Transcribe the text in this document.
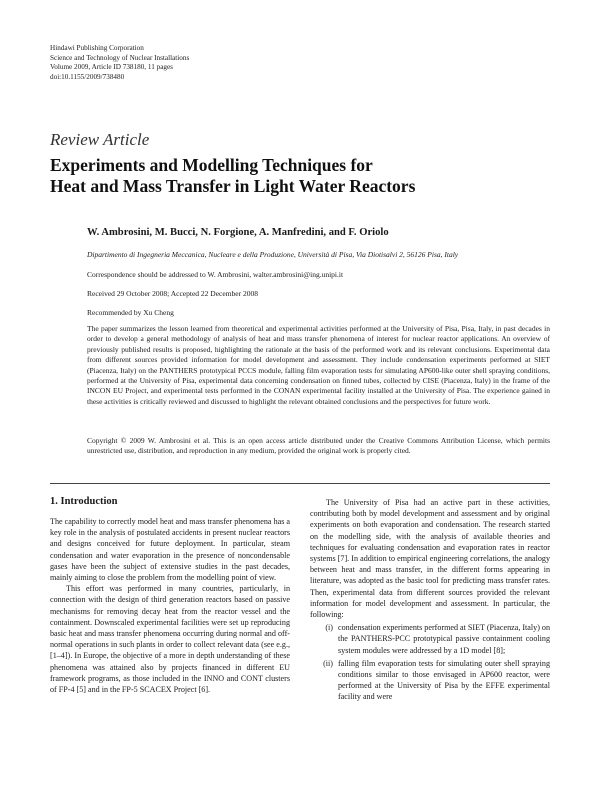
Hindawi Publishing Corporation
Science and Technology of Nuclear Installations
Volume 2009, Article ID 738180, 11 pages
doi:10.1155/2009/738480
Review Article
Experiments and Modelling Techniques for
Heat and Mass Transfer in Light Water Reactors
W. Ambrosini, M. Bucci, N. Forgione, A. Manfredini, and F. Oriolo
Dipartimento di Ingegneria Meccanica, Nucleare e della Produzione, Università di Pisa, Via Diotisalvi 2, 56126 Pisa, Italy
Correspondence should be addressed to W. Ambrosini, walter.ambrosini@ing.unipi.it
Received 29 October 2008; Accepted 22 December 2008
Recommended by Xu Cheng
The paper summarizes the lesson learned from theoretical and experimental activities performed at the University of Pisa, Pisa, Italy, in past decades in order to develop a general methodology of analysis of heat and mass transfer phenomena of interest for nuclear reactor applications. An overview of previously published results is proposed, highlighting the rationale at the basis of the performed work and its relevant conclusions. Experimental data from different sources provided information for model development and assessment. They include condensation experiments performed at SIET (Piacenza, Italy) on the PANTHERS prototypical PCCS module, falling film evaporation tests for simulating AP600-like outer shell spraying conditions, performed at the University of Pisa, experimental data concerning condensation on finned tubes, collected by CISE (Piacenza, Italy) in the frame of the INCON EU Project, and experimental tests performed in the CONAN experimental facility installed at the University of Pisa. The experience gained in these activities is critically reviewed and discussed to highlight the relevant obtained conclusions and the perspectives for future work.
Copyright © 2009 W. Ambrosini et al. This is an open access article distributed under the Creative Commons Attribution License, which permits unrestricted use, distribution, and reproduction in any medium, provided the original work is properly cited.
1. Introduction

The capability to correctly model heat and mass transfer phenomena has a key role in the analysis of postulated accidents in present nuclear reactors and designs conceived for future deployment. In particular, steam condensation and water evaporation in the presence of noncondensable gases have been the subject of extensive studies in the past decades, mainly aiming to close the problem from the modelling point of view.

This effort was performed in many countries, particularly, in connection with the design of third generation reactors based on passive mechanisms for removing decay heat from the reactor vessel and the containment. Downscaled experimental facilities were set up reproducing basic heat and mass transfer phenomena occurring during normal and off-normal operations in such plants in order to collect relevant data (see e.g., [1–4]). In Europe, the objective of a more in depth understanding of these phenomena was attained also by projects financed in different EU framework programs, as those included in the INNO and CONT clusters of FP-4 [5] and in the FP-5 SCACEX Project [6].

The University of Pisa had an active part in these activities, contributing both by model development and assessment and by original experiments on both evaporation and condensation. The research started on the modelling side, with the analysis of available theories and techniques for evaluating condensation and evaporation rates in reactor systems [7]. In addition to empirical engineering correlations, the analogy between heat and mass transfer, in the different forms appearing in literature, was adopted as the basic tool for predicting mass transfer rates. Then, experimental data from different sources provided the relevant information for model development and assessment. In particular, the following:

(i) condensation experiments performed at SIET (Piacenza, Italy) on the PANTHERS-PCC prototypical passive containment cooling system modules were addressed by a 1D model [8];
(ii) falling film evaporation tests for simulating outer shell spraying conditions similar to those envisaged in AP600 reactor, were performed at the University of Pisa by the EFFE experimental facility and were
